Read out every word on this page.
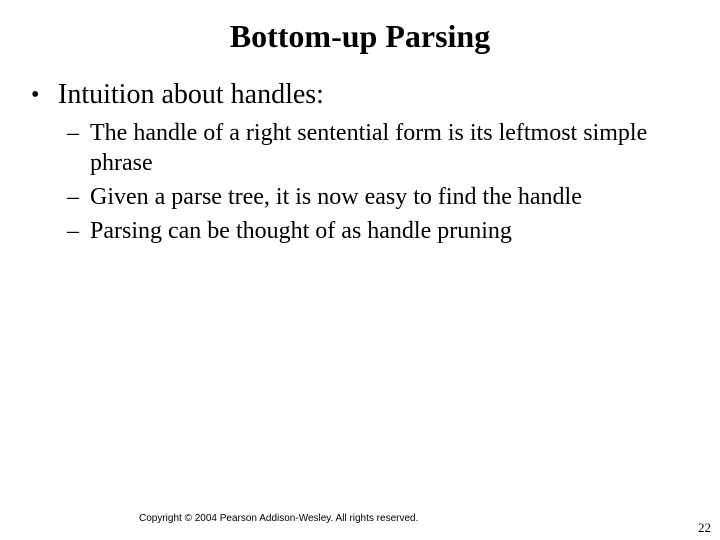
Bottom-up Parsing
• Intuition about handles:
– The handle of a right sentential form is its leftmost simple phrase
– Given a parse tree, it is now easy to find the handle
– Parsing can be thought of as handle pruning
Copyright © 2004 Pearson Addison-Wesley. All rights reserved.
22
